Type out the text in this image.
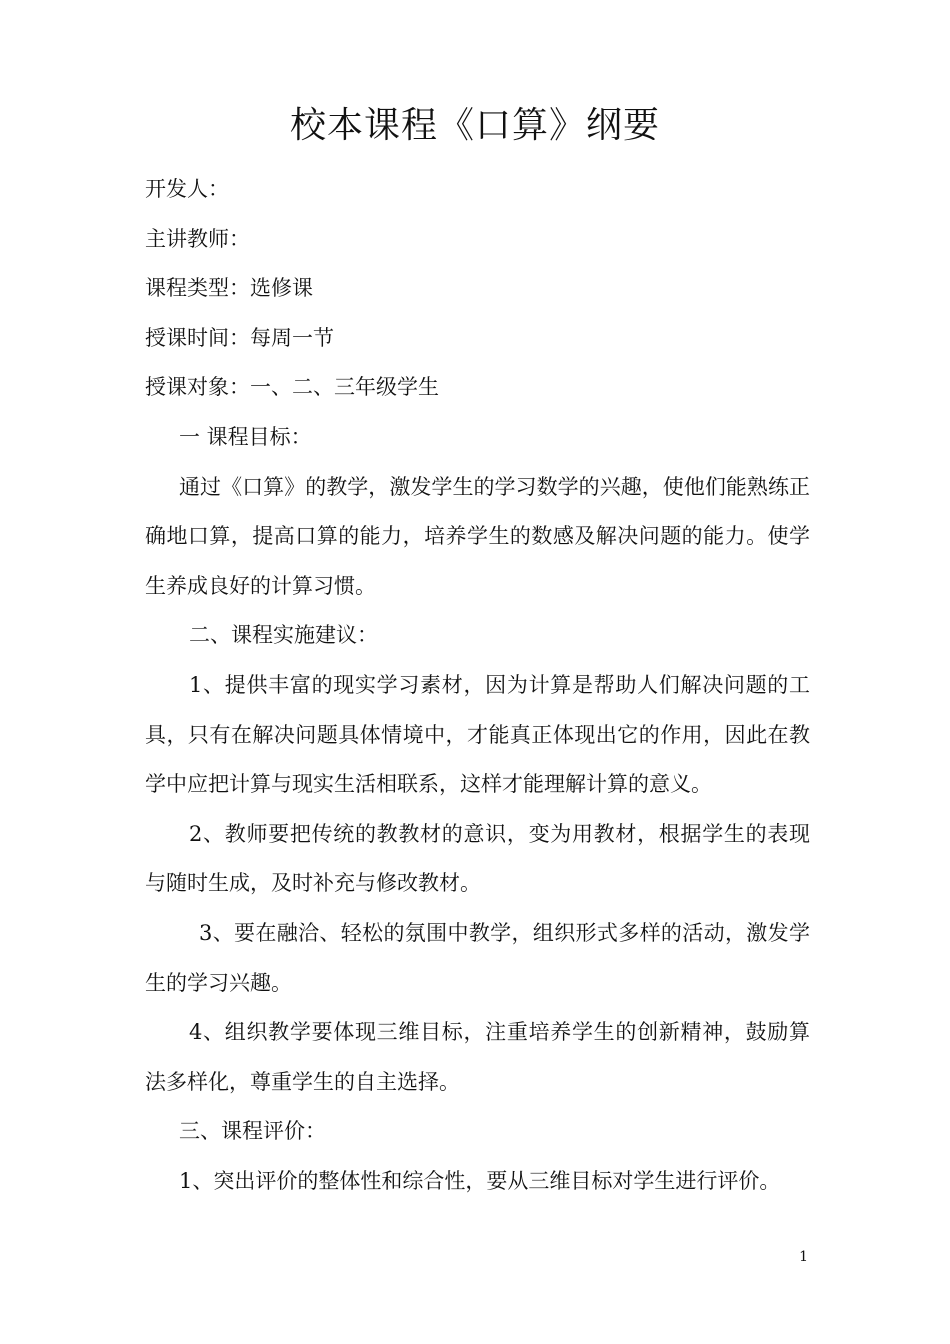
校本课程《口算》纲要

开发人：

主讲教师：

课程类型：选修课

授课时间：每周一节

授课对象：一、二、三年级学生

一 课程目标：

通过《口算》的教学，激发学生的学习数学的兴趣，使他们能熟练正确地口算，提高口算的能力，培养学生的数感及解决问题的能力。使学生养成良好的计算习惯。

二、课程实施建议：

1、提供丰富的现实学习素材，因为计算是帮助人们解决问题的工具，只有在解决问题具体情境中，才能真正体现出它的作用，因此在教学中应把计算与现实生活相联系，这样才能理解计算的意义。

2、教师要把传统的教教材的意识，变为用教材，根据学生的表现与随时生成，及时补充与修改教材。

3、要在融洽、轻松的氛围中教学，组织形式多样的活动，激发学生的学习兴趣。

4、组织教学要体现三维目标，注重培养学生的创新精神，鼓励算法多样化，尊重学生的自主选择。

三、课程评价：

1、突出评价的整体性和综合性，要从三维目标对学生进行评价。

1
